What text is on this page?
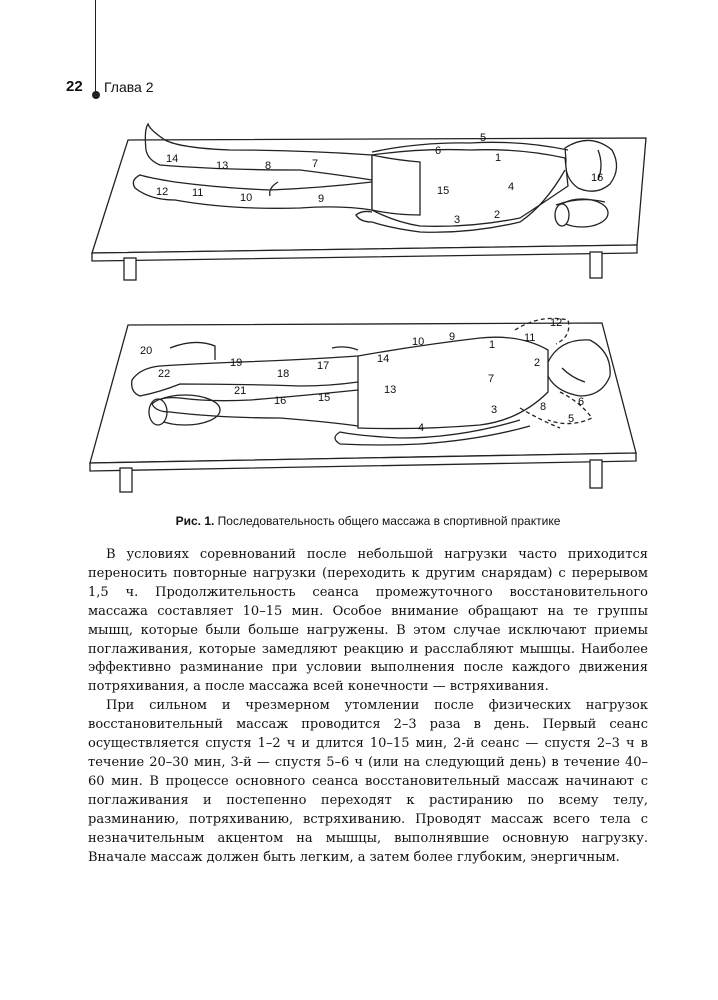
22 Глава 2
5
6
1
16
4
15
2
3
14
13	8	7
12 11	10	9
12
11
10 9
1
2
14
20
19
18
17
7
22
21
16	15
13
3	8	6
5
4
Рис. 1. Последовательность общего массажа в спортивной практике

В условиях соревнований после небольшой нагрузки часто приходится переносить повторные нагрузки (переходить к другим снарядам) с перерывом 1,5 ч. Продолжительность сеанса промежуточного восстановительного массажа составляет 10–15 мин. Особое внимание обращают на те группы мышц, которые были больше нагружены. В этом случае исключают приемы поглаживания, которые замедляют реакцию и расслабляют мышцы. Наиболее эффективно разминание при условии выполнения после каждого движения потряхивания, а после массажа всей конечности — встряхивания.

При сильном и чрезмерном утомлении после физических нагрузок восстановительный массаж проводится 2–3 раза в день. Первый сеанс осуществляется спустя 1–2 ч и длится 10–15 мин, 2-й сеанс — спустя 2–3 ч в течение 20–30 мин, 3-й — спустя 5–6 ч (или на следующий день) в течение 40–60 мин. В процессе основного сеанса восстановительный массаж начинают с поглаживания и постепенно переходят к растиранию по всему телу, разминанию, потряхиванию, встряхиванию. Проводят массаж всего тела с незначительным акцентом на мышцы, выполнявшие основную нагрузку. Вначале массаж должен быть легким, а затем более глубоким, энергичным.
